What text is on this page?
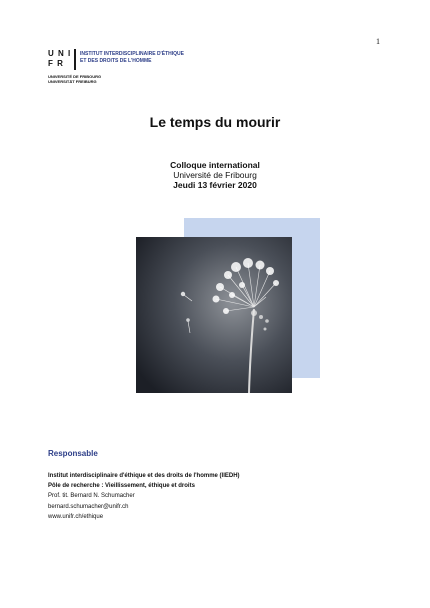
1
U N I
F R
INSTITUT INTERDISCIPLINAIRE D'ÉTHIQUE
ET DES DROITS DE L'HOMME
UNIVERSITÉ DE FRIBOURG
UNIVERSITÄT FREIBURG
Le temps du mourir
Colloque international
Université de Fribourg
Jeudi 13 février 2020
Responsable
Institut interdisciplinaire d'éthique et des droits de l'homme (IIEDH)
Pôle de recherche : Vieillissement, éthique et droits
Prof. tit. Bernard N. Schumacher
bernard.schumacher@unifr.ch
www.unifr.ch/ethique
